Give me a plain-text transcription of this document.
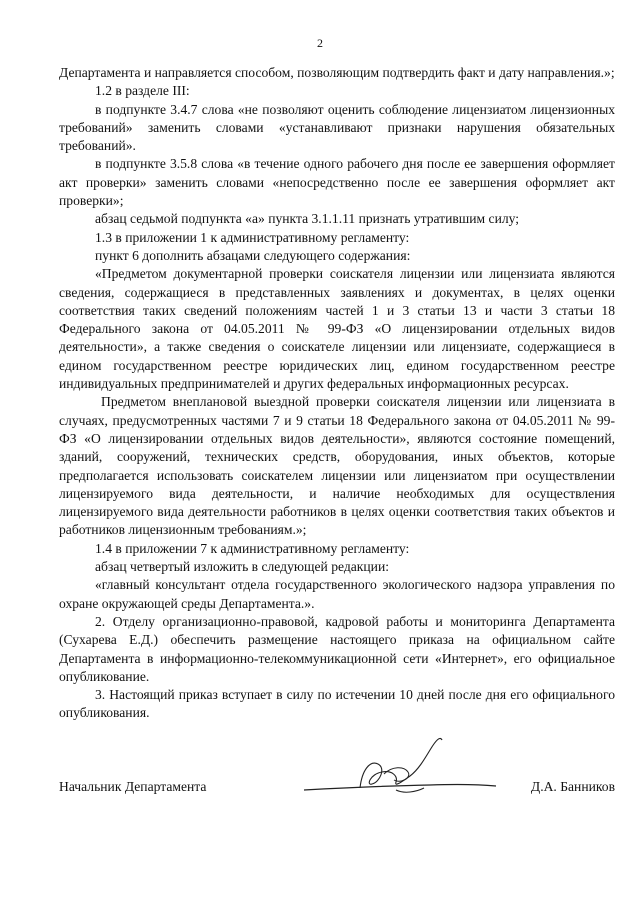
2

Департамента и направляется способом, позволяющим подтвердить факт и дату направления.»;

1.2 в разделе III:

в подпункте 3.4.7 слова «не позволяют оценить соблюдение лицензиатом лицензионных требований» заменить словами «устанавливают признаки нарушения обязательных требований».

в подпункте 3.5.8 слова «в течение одного рабочего дня после ее завершения оформляет акт проверки» заменить словами «непосредственно после ее завершения оформляет акт проверки»;

абзац седьмой подпункта «а» пункта 3.1.1.11 признать утратившим силу;

1.3 в приложении 1 к административному регламенту:

пункт 6 дополнить абзацами следующего содержания:

«Предметом документарной проверки соискателя лицензии или лицензиата являются сведения, содержащиеся в представленных заявлениях и документах, в целях оценки соответствия таких сведений положениям частей 1 и 3 статьи 13 и части 3 статьи 18 Федерального закона от 04.05.2011 № 99-ФЗ «О лицензировании отдельных видов деятельности», а также сведения о соискателе лицензии или лицензиате, содержащиеся в едином государственном реестре юридических лиц, едином государственном реестре индивидуальных предпринимателей и других федеральных информационных ресурсах.

Предметом внеплановой выездной проверки соискателя лицензии или лицензиата в случаях, предусмотренных частями 7 и 9 статьи 18 Федерального закона от 04.05.2011 № 99-ФЗ «О лицензировании отдельных видов деятельности», являются состояние помещений, зданий, сооружений, технических средств, оборудования, иных объектов, которые предполагается использовать соискателем лицензии или лицензиатом при осуществлении лицензируемого вида деятельности, и наличие необходимых для осуществления лицензируемого вида деятельности работников в целях оценки соответствия таких объектов и работников лицензионным требованиям.»;

1.4 в приложении 7 к административному регламенту:

абзац четвертый изложить в следующей редакции:

«главный консультант отдела государственного экологического надзора управления по охране окружающей среды Департамента.».

2. Отделу организационно-правовой, кадровой работы и мониторинга Департамента (Сухарева Е.Д.) обеспечить размещение настоящего приказа на официальном сайте Департамента в информационно-телекоммуникационной сети «Интернет», его официальное опубликование.

3. Настоящий приказ вступает в силу по истечении 10 дней после дня его официального опубликования.

Начальник Департамента	Д.А. Банников
